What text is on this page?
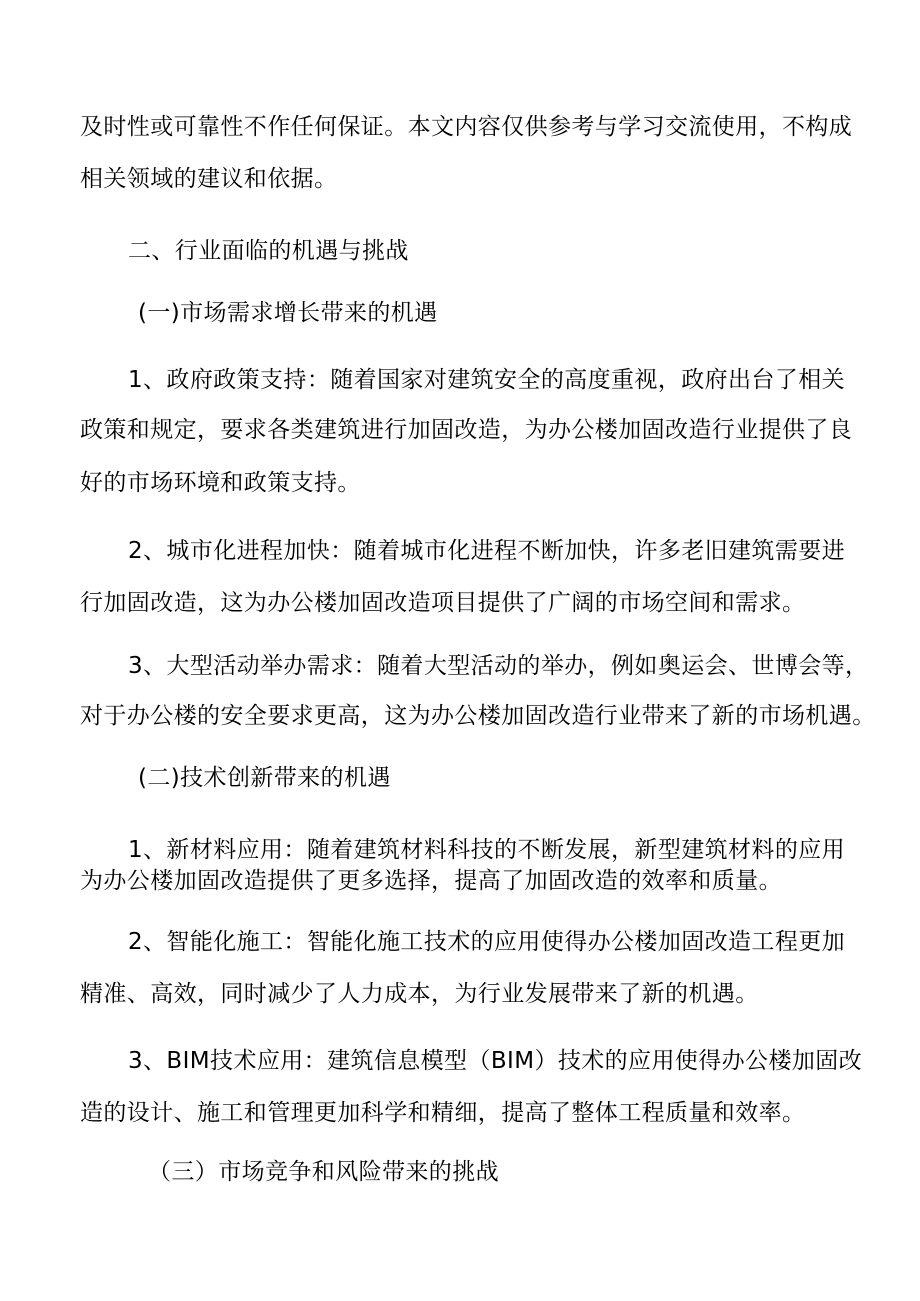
及时性或可靠性不作任何保证。本文内容仅供参考与学习交流使用，不构成
相关领域的建议和依据。
二、行业面临的机遇与挑战
(一)市场需求增长带来的机遇
1、政府政策支持：随着国家对建筑安全的高度重视，政府出台了相关
政策和规定，要求各类建筑进行加固改造，为办公楼加固改造行业提供了良
好的市场环境和政策支持。
2、城市化进程加快：随着城市化进程不断加快，许多老旧建筑需要进
行加固改造，这为办公楼加固改造项目提供了广阔的市场空间和需求。
3、大型活动举办需求：随着大型活动的举办，例如奥运会、世博会等，
对于办公楼的安全要求更高，这为办公楼加固改造行业带来了新的市场机遇。
(二)技术创新带来的机遇
1、新材料应用：随着建筑材料科技的不断发展，新型建筑材料的应用
为办公楼加固改造提供了更多选择，提高了加固改造的效率和质量。
2、智能化施工：智能化施工技术的应用使得办公楼加固改造工程更加
精准、高效，同时减少了人力成本，为行业发展带来了新的机遇。
3、BIM技术应用：建筑信息模型（BIM）技术的应用使得办公楼加固改
造的设计、施工和管理更加科学和精细，提高了整体工程质量和效率。
（三）市场竞争和风险带来的挑战
